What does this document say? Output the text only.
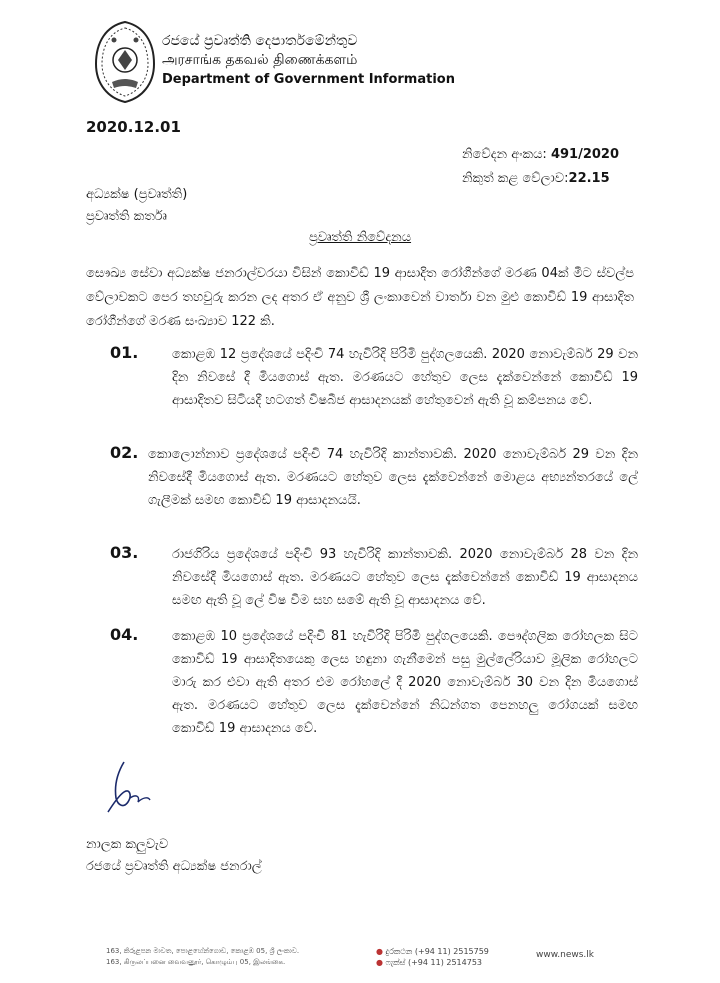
රජයේ ප්‍රවෘත්ති දෙපාර්තමේන්තුව
அரசாங்க தகவல் திணைக்களம்
Department of Government Information
2020.12.01
නිවේදන අංකය: 491/2020
නිකුත් කළ වේලාව:22.15
අධ්‍යක්ෂ (ප්‍රවෘත්ති)
ප්‍රවෘත්ති කර්තෘ
ප්‍රවෘත්ති නිවේදනය
සෞඛ්‍ය සේවා අධ්‍යක්ෂ ජනරාල්වරයා විසින් කොවිඩ් 19 ආසාදිත රෝගීන්ගේ මරණ 04ක් මීට ස්වල්ප වේලාවකට පෙර තහවුරු කරන ලද අතර ඒ අනුව ශ්‍රී ලංකාවෙන් වාර්තා වන මුළු කොවිඩ් 19 ආසාදිත රෝගීන්ගේ මරණ සංඛ්‍යාව 122 කි.
01.	කොළඹ 12 ප්‍රදේශයේ පදිංචි 74 හැවිරිදි පිරිමි පුද්ගලයෙකි. 2020 නොවැම්බර් 29 වන දින නිවසේ දී මියගොස් ඇත. මරණයට හේතුව ලෙස දැක්වෙන්නේ කොවිඩ් 19 ආසාදිතව සිටියදී හටගත් විෂබීජ ආසාදනයක් හේතුවෙන් ඇති වූ කම්පනය වේ.
02. කොලොන්නාව ප්‍රදේශයේ පදිංචි 74 හැවිරිදි කාන්තාවකි. 2020 නොවැම්බර් 29 වන දින නිවසේදී මියගොස් ඇත. මරණයට හේතුව ලෙස දැක්වෙන්නේ මොළය අභ්‍යන්තරයේ ලේ ගැලීමක් සමඟ කොවිඩ් 19 ආසාදනයයි.
03.	රාජගිරිය ප්‍රදේශයේ පදිංචි 93 හැවිරිදි කාන්තාවකි. 2020 නොවැම්බර් 28 වන දින නිවසේදී මියගොස් ඇත. මරණයට හේතුව ලෙස දැක්වෙන්නේ කොවිඩ් 19 ආසාදනය සමඟ ඇති වූ ලේ විෂ වීම සහ සමේ ඇති වූ ආසාදනය වේ.
04.	කොළඹ 10 ප්‍රදේශයේ පදිංචි 81 හැවිරිදි පිරිමි පුද්ගලයෙකි. පෞද්ගලික රෝහලක සිට කොවිඩ් 19 ආසාදිතයෙකු ලෙස හඳුනා ගැනීමෙන් පසු මුල්ලේරියාව මූලික රෝහලට මාරු කර එවා ඇති අතර එම රෝහලේ දී 2020 නොවැම්බර් 30 වන දින මියගොස් ඇත. මරණයට හේතුව ලෙස දැක්වෙන්නේ නිධන්ගත පෙනහලු රෝගයක් සමඟ කොවිඩ් 19 ආසාදනය වේ.
නාලක කලුවැව
රජයේ ප්‍රවෘත්ති අධ්‍යක්ෂ ජනරාල්
163, කිරුළපන මාවත, පොළහේන්ගොඩ, කොළඹ 05, ශ්‍රී ලංකාව.
163, கிருலப்பனை வைவனூர், கொழும்பு 05, இலங்கை.
● දුරකථන (+94 11) 2515759
● ෆැක්ස් (+94 11) 2514753
www.news.lk
